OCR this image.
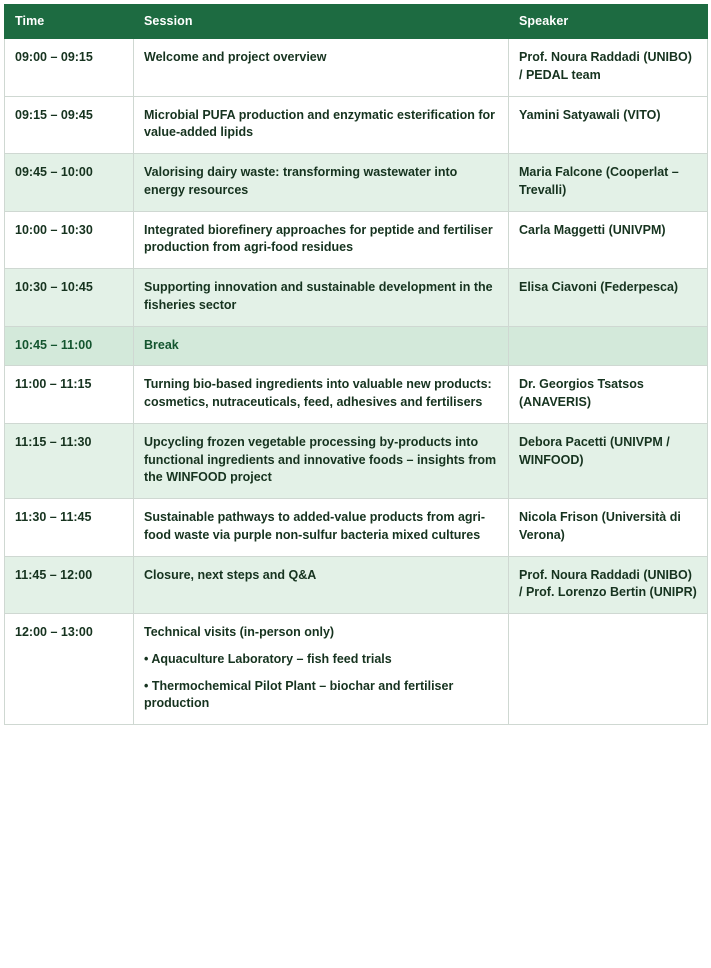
Time	Session	Speaker
09:00 – 09:15	Welcome and project overview	Prof. Noura Raddadi (UNIBO) / PEDAL team
09:15 – 09:45	Microbial PUFA production and enzymatic esterification for value-added lipids	Yamini Satyawali (VITO)
09:45 – 10:00	Valorising dairy waste: transforming wastewater into energy resources	Maria Falcone (Cooperlat – Trevalli)
10:00 – 10:30	Integrated biorefinery approaches for peptide and fertiliser production from agri-food residues	Carla Maggetti (UNIVPM)
10:30 – 10:45	Supporting innovation and sustainable development in the fisheries sector	Elisa Ciavoni (Federpesca)
10:45 – 11:00	Break	

11:00 – 11:15	Turning bio-based ingredients into valuable new products: cosmetics, nutraceuticals, feed, adhesives and fertilisers	Dr. Georgios Tsatsos (ANAVERIS)
11:15 – 11:30	Upcycling frozen vegetable processing by-products into functional ingredients and innovative foods – insights from the WINFOOD project	Debora Pacetti (UNIVPM / WINFOOD)
11:30 – 11:45	Sustainable pathways to added-value products from agri-food waste via purple non-sulfur bacteria mixed cultures	Nicola Frison (Università di Verona)
11:45 – 12:00	Closure, next steps and Q&A	Prof. Noura Raddadi (UNIBO) / Prof. Lorenzo Bertin (UNIPR)
12:00 – 13:00	Technical visits (in-person only)
• Aquaculture Laboratory – fish feed trials
• Thermochemical Pilot Plant – biochar and fertiliser production	
